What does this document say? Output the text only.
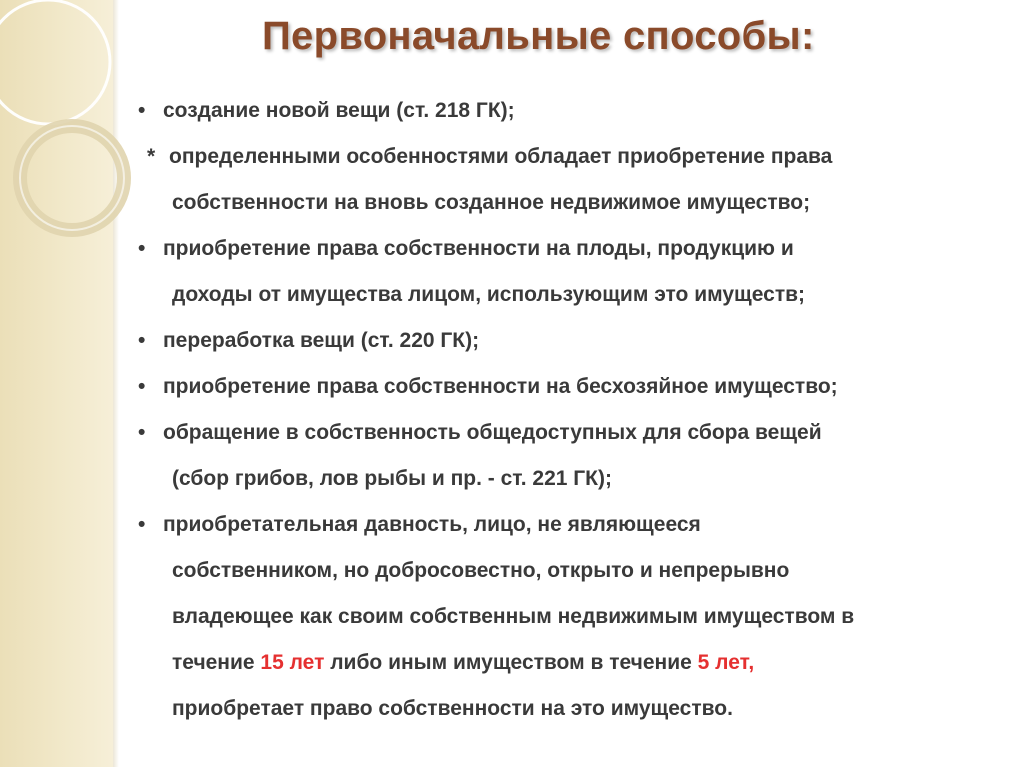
Первоначальные способы:
• создание новой вещи (ст. 218 ГК);
* определенными особенностями обладает приобретение права
собственности на вновь созданное недвижимое имущество;
• приобретение права собственности на плоды, продукцию и
доходы от имущества лицом, использующим это имуществ;
• переработка вещи (ст. 220 ГК);
• приобретение права собственности на бесхозяйное имущество;
• обращение в собственность общедоступных для сбора вещей
(сбор грибов, лов рыбы и пр. - ст. 221 ГК);
• приобретательная давность, лицо, не являющееся
собственником, но добросовестно, открыто и непрерывно
владеющее как своим собственным недвижимым имуществом в
течение 15 лет либо иным имуществом в течение 5 лет,
приобретает право собственности на это имущество.
